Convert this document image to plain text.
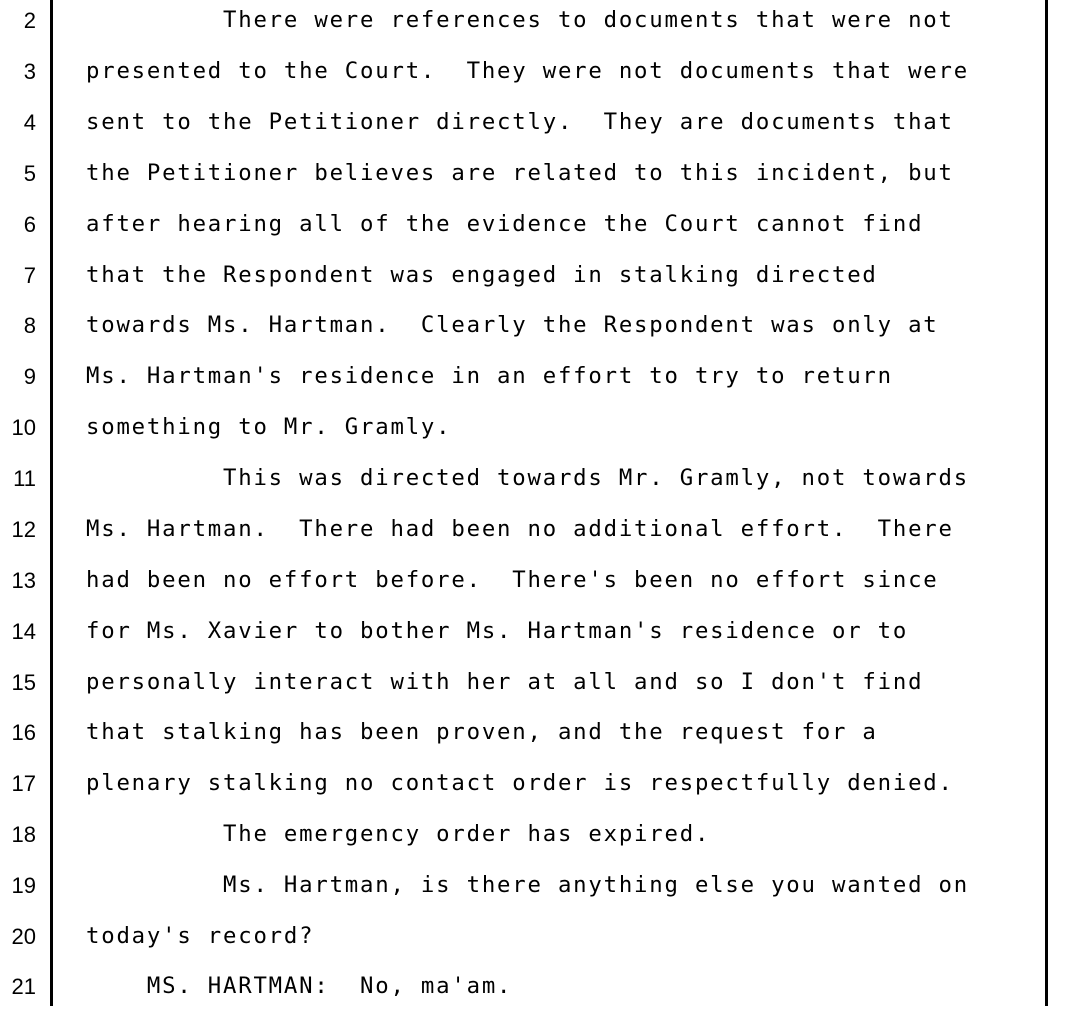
2 There were references to documents that were not
3 presented to the Court.  They were not documents that were
4 sent to the Petitioner directly.  They are documents that
5 the Petitioner believes are related to this incident, but
6 after hearing all of the evidence the Court cannot find
7 that the Respondent was engaged in stalking directed
8 towards Ms. Hartman.  Clearly the Respondent was only at
9 Ms. Hartman's residence in an effort to try to return
10 something to Mr. Gramly.
11 This was directed towards Mr. Gramly, not towards
12 Ms. Hartman.  There had been no additional effort.  There
13 had been no effort before.  There's been no effort since
14 for Ms. Xavier to bother Ms. Hartman's residence or to
15 personally interact with her at all and so I don't find
16 that stalking has been proven, and the request for a
17 plenary stalking no contact order is respectfully denied.
18 The emergency order has expired.
19 Ms. Hartman, is there anything else you wanted on
20 today's record?
21 MS. HARTMAN:  No, ma'am.
